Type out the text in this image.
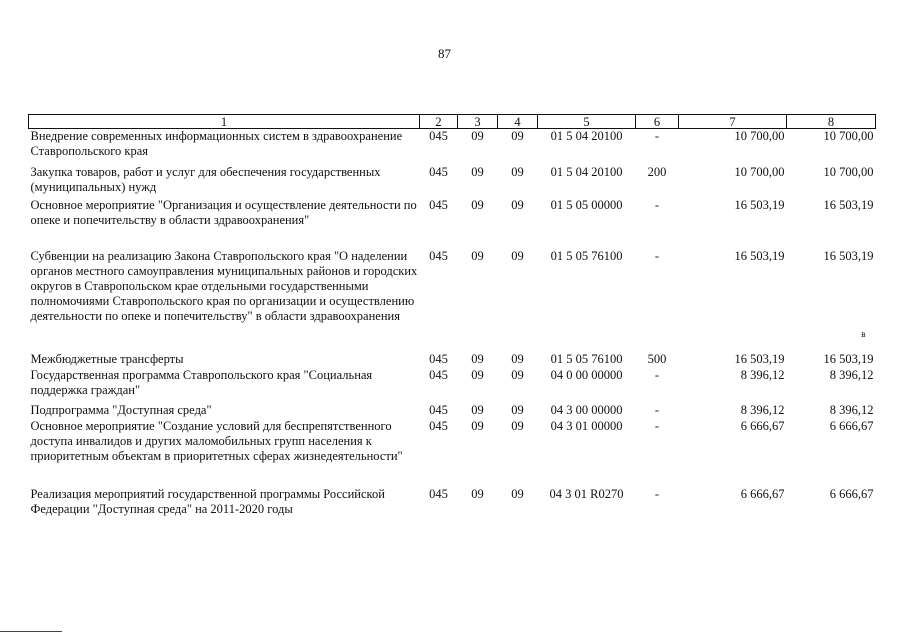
87
1	2	3	4	5	6	7	8
Внедрение современных информационных систем в здравоохранение Ставропольского края	045	09	09	01 5 04 20100	-	10 700,00	10 700,00
Закупка товаров, работ и услуг для обеспечения государственных (муниципальных) нужд	045	09	09	01 5 04 20100	200	10 700,00	10 700,00
Основное мероприятие "Организация и осуществление деятельности по опеке и попечительству в области здравоохранения"	045	09	09	01 5 05 00000	-	16 503,19	16 503,19
Субвенции на реализацию Закона Ставропольского края "О наделении органов местного самоуправления муниципальных районов и городских округов в Ставропольском крае отдельными государственными полномочиями Ставропольского края по организации и осуществлению деятельности по опеке и попечительству" в области здравоохранения	045	09	09	01 5 05 76100	-	16 503,19	16 503,19
в

Межбюджетные трансферты	045	09	09	01 5 05 76100	500	16 503,19	16 503,19
Государственная программа Ставропольского края "Социальная поддержка граждан"	045	09	09	04 0 00 00000	-	8 396,12	8 396,12
Подпрограмма "Доступная среда"	045	09	09	04 3 00 00000	-	8 396,12	8 396,12
Основное мероприятие "Создание условий для беспрепятственного доступа инвалидов и других маломобильных групп населения к приоритетным объектам в приоритетных сферах жизнедеятельности"	045	09	09	04 3 01 00000	-	6 666,67	6 666,67
Реализация мероприятий государственной программы Российской Федерации "Доступная среда" на 2011-2020 годы	045	09	09	04 3 01 R0270	-	6 666,67	6 666,67
